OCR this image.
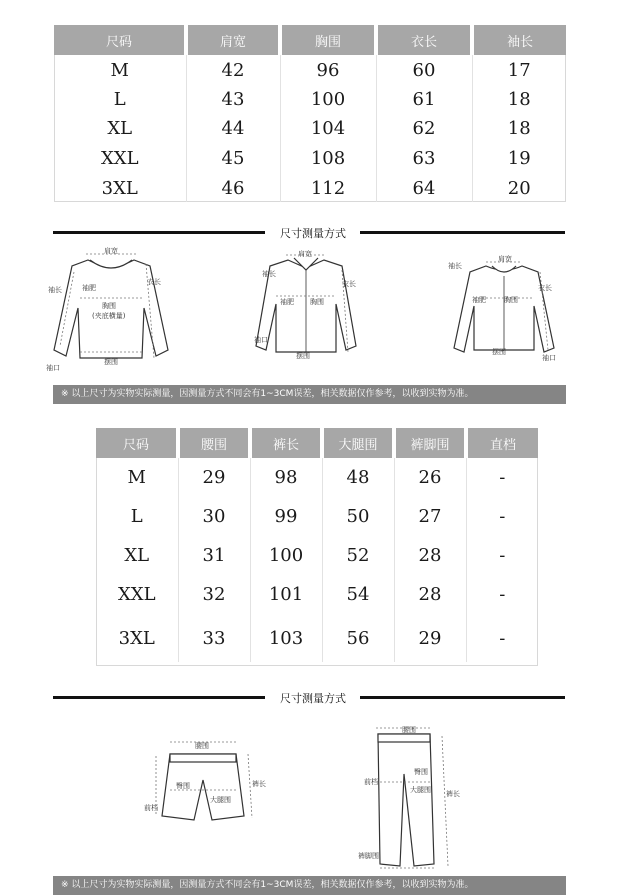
尺码	肩宽	胸围	衣长	袖长
M	42	96	60	17
L	43	100	61	18
XL	44	104	62	18
XXL	45	108	63	19
3XL	46	112	64	20
尺寸测量方式
肩宽
衣长
袖长	袖肥
胸围
(夹底横量)
摆围
袖口
肩宽
衣长
袖长
袖肥 胸围
袖口
摆围
袖长
肩宽
衣长
袖肥	胸围
摆围
袖口
※ 以上尺寸为实物实际测量，因测量方式不同会有1~3CM误差，相关数据仅作参考，以收到实物为准。
尺码	腰围	裤长	大腿围	裤脚围	直档
M	29	98	48	26	-
L	30	99	50	27	-
XL	31	100	52	28	-
XXL	32	101	54	28	-
3XL	33	103	56	29	-
尺寸测量方式
腰围
裤长
臀围
大腿围
前档
腰围
裤长
臀围
大腿围
前档
裤脚围
※ 以上尺寸为实物实际测量，因测量方式不同会有1~3CM误差，相关数据仅作参考，以收到实物为准。
